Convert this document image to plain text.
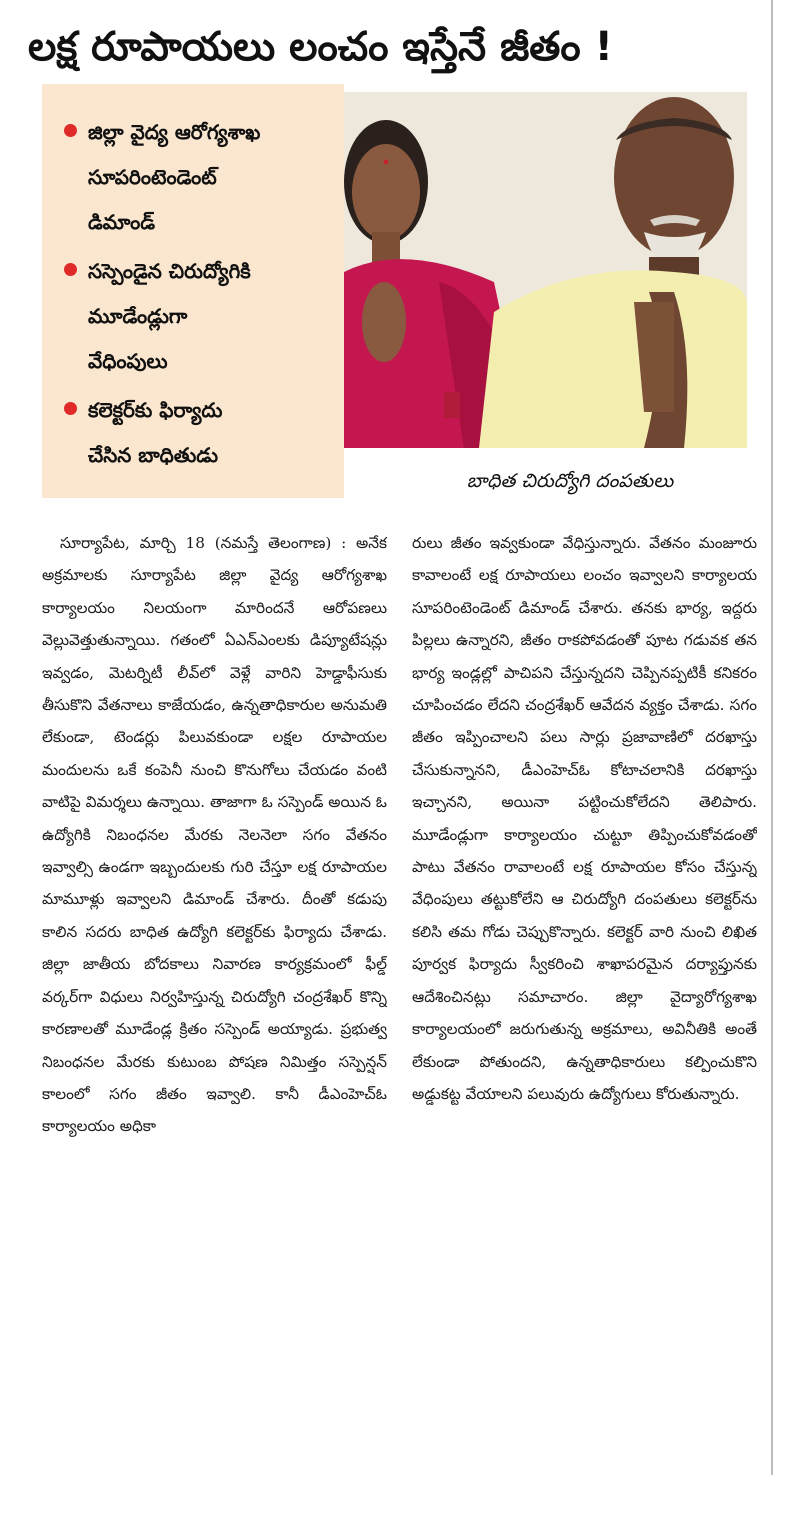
లక్ష రూపాయలు లంచం ఇస్తేనే జీతం !
జిల్లా వైద్య ఆరోగ్యశాఖ
సూపరింటెండెంట్
డిమాండ్
సస్పెండైన చిరుద్యోగికి
మూడేండ్లుగా
వేధింపులు
కలెక్టర్‌కు ఫిర్యాదు
చేసిన బాధితుడు
బాధిత చిరుద్యోగి దంపతులు

సూర్యాపేట, మార్చి 18 (నమస్తే తెలంగాణ) : అనేక అక్రమాలకు సూర్యాపేట జిల్లా వైద్య ఆరోగ్యశాఖ కార్యాలయం నిలయంగా మారిందనే ఆరోపణలు వెల్లువెత్తుతున్నాయి. గతంలో ఏఎన్‌ఎంలకు డిప్యూటేషన్లు ఇవ్వడం, మెటర్నిటీ లీవ్‌లో వెళ్లే వారిని హెడ్డాఫీసుకు తీసుకొని వేతనాలు కాజేయడం, ఉన్నతాధికారుల అనుమతి లేకుండా, టెండర్లు పిలువకుండా లక్షల రూపాయల మందులను ఒకే కంపెనీ నుంచి కొనుగోలు చేయడం వంటి వాటిపై విమర్శలు ఉన్నాయి. తాజాగా ఓ సస్పెండ్ అయిన ఓ ఉద్యోగికి నిబంధనల మేరకు నెలనెలా సగం వేతనం ఇవ్వాల్సి ఉండగా ఇబ్బందులకు గురి చేస్తూ లక్ష రూపాయల మామూళ్లు ఇవ్వాలని డిమాండ్ చేశారు. దీంతో కడుపు కాలిన సదరు బాధిత ఉద్యోగి కలెక్టర్‌కు ఫిర్యాదు చేశాడు. జిల్లా జాతీయ బోదకాలు నివారణ కార్యక్రమంలో ఫీల్డ్ వర్కర్‌గా విధులు నిర్వహిస్తున్న చిరుద్యోగి చంద్రశేఖర్ కొన్ని కారణాలతో మూడేండ్ల క్రితం సస్పెండ్ అయ్యాడు. ప్రభుత్వ నిబంధనల మేరకు కుటుంబ పోషణ నిమిత్తం సస్పెన్షన్ కాలంలో సగం జీతం ఇవ్వాలి. కానీ డీఎంహెచ్‌ఓ కార్యాలయం అధికా

రులు జీతం ఇవ్వకుండా వేధిస్తున్నారు. వేతనం మంజూరు కావాలంటే లక్ష రూపాయలు లంచం ఇవ్వాలని కార్యాలయ సూపరింటెండెంట్ డిమాండ్ చేశారు. తనకు భార్య, ఇద్దరు పిల్లలు ఉన్నారని, జీతం రాకపోవడంతో పూట గడువక తన భార్య ఇండ్లల్లో పాచిపని చేస్తున్నదని చెప్పినప్పటికీ కనికరం చూపించడం లేదని చంద్రశేఖర్ ఆవేదన వ్యక్తం చేశాడు. సగం జీతం ఇప్పించాలని పలు సార్లు ప్రజావాణిలో దరఖాస్తు చేసుకున్నానని, డీఎంహెచ్‌ఓ కోటాచలానికి దరఖాస్తు ఇచ్చానని, అయినా పట్టించుకోలేదని తెలిపారు. మూడేండ్లుగా కార్యాలయం చుట్టూ తిప్పించుకోవడంతో పాటు వేతనం రావాలంటే లక్ష రూపాయల కోసం చేస్తున్న వేధింపులు తట్టుకోలేని ఆ చిరుద్యోగి దంపతులు కలెక్టర్‌ను కలిసి తమ గోడు చెప్పుకొన్నారు. కలెక్టర్ వారి నుంచి లిఖిత పూర్వక ఫిర్యాదు స్వీకరించి శాఖాపరమైన దర్యాప్తునకు ఆదేశించినట్లు సమాచారం. జిల్లా వైద్యారోగ్యశాఖ కార్యాలయంలో జరుగుతున్న అక్రమాలు, అవినీతికి అంతే లేకుండా పోతుందని, ఉన్నతాధికారులు కల్పించుకొని అడ్డుకట్ట వేయాలని పలువురు ఉద్యోగులు కోరుతున్నారు.
